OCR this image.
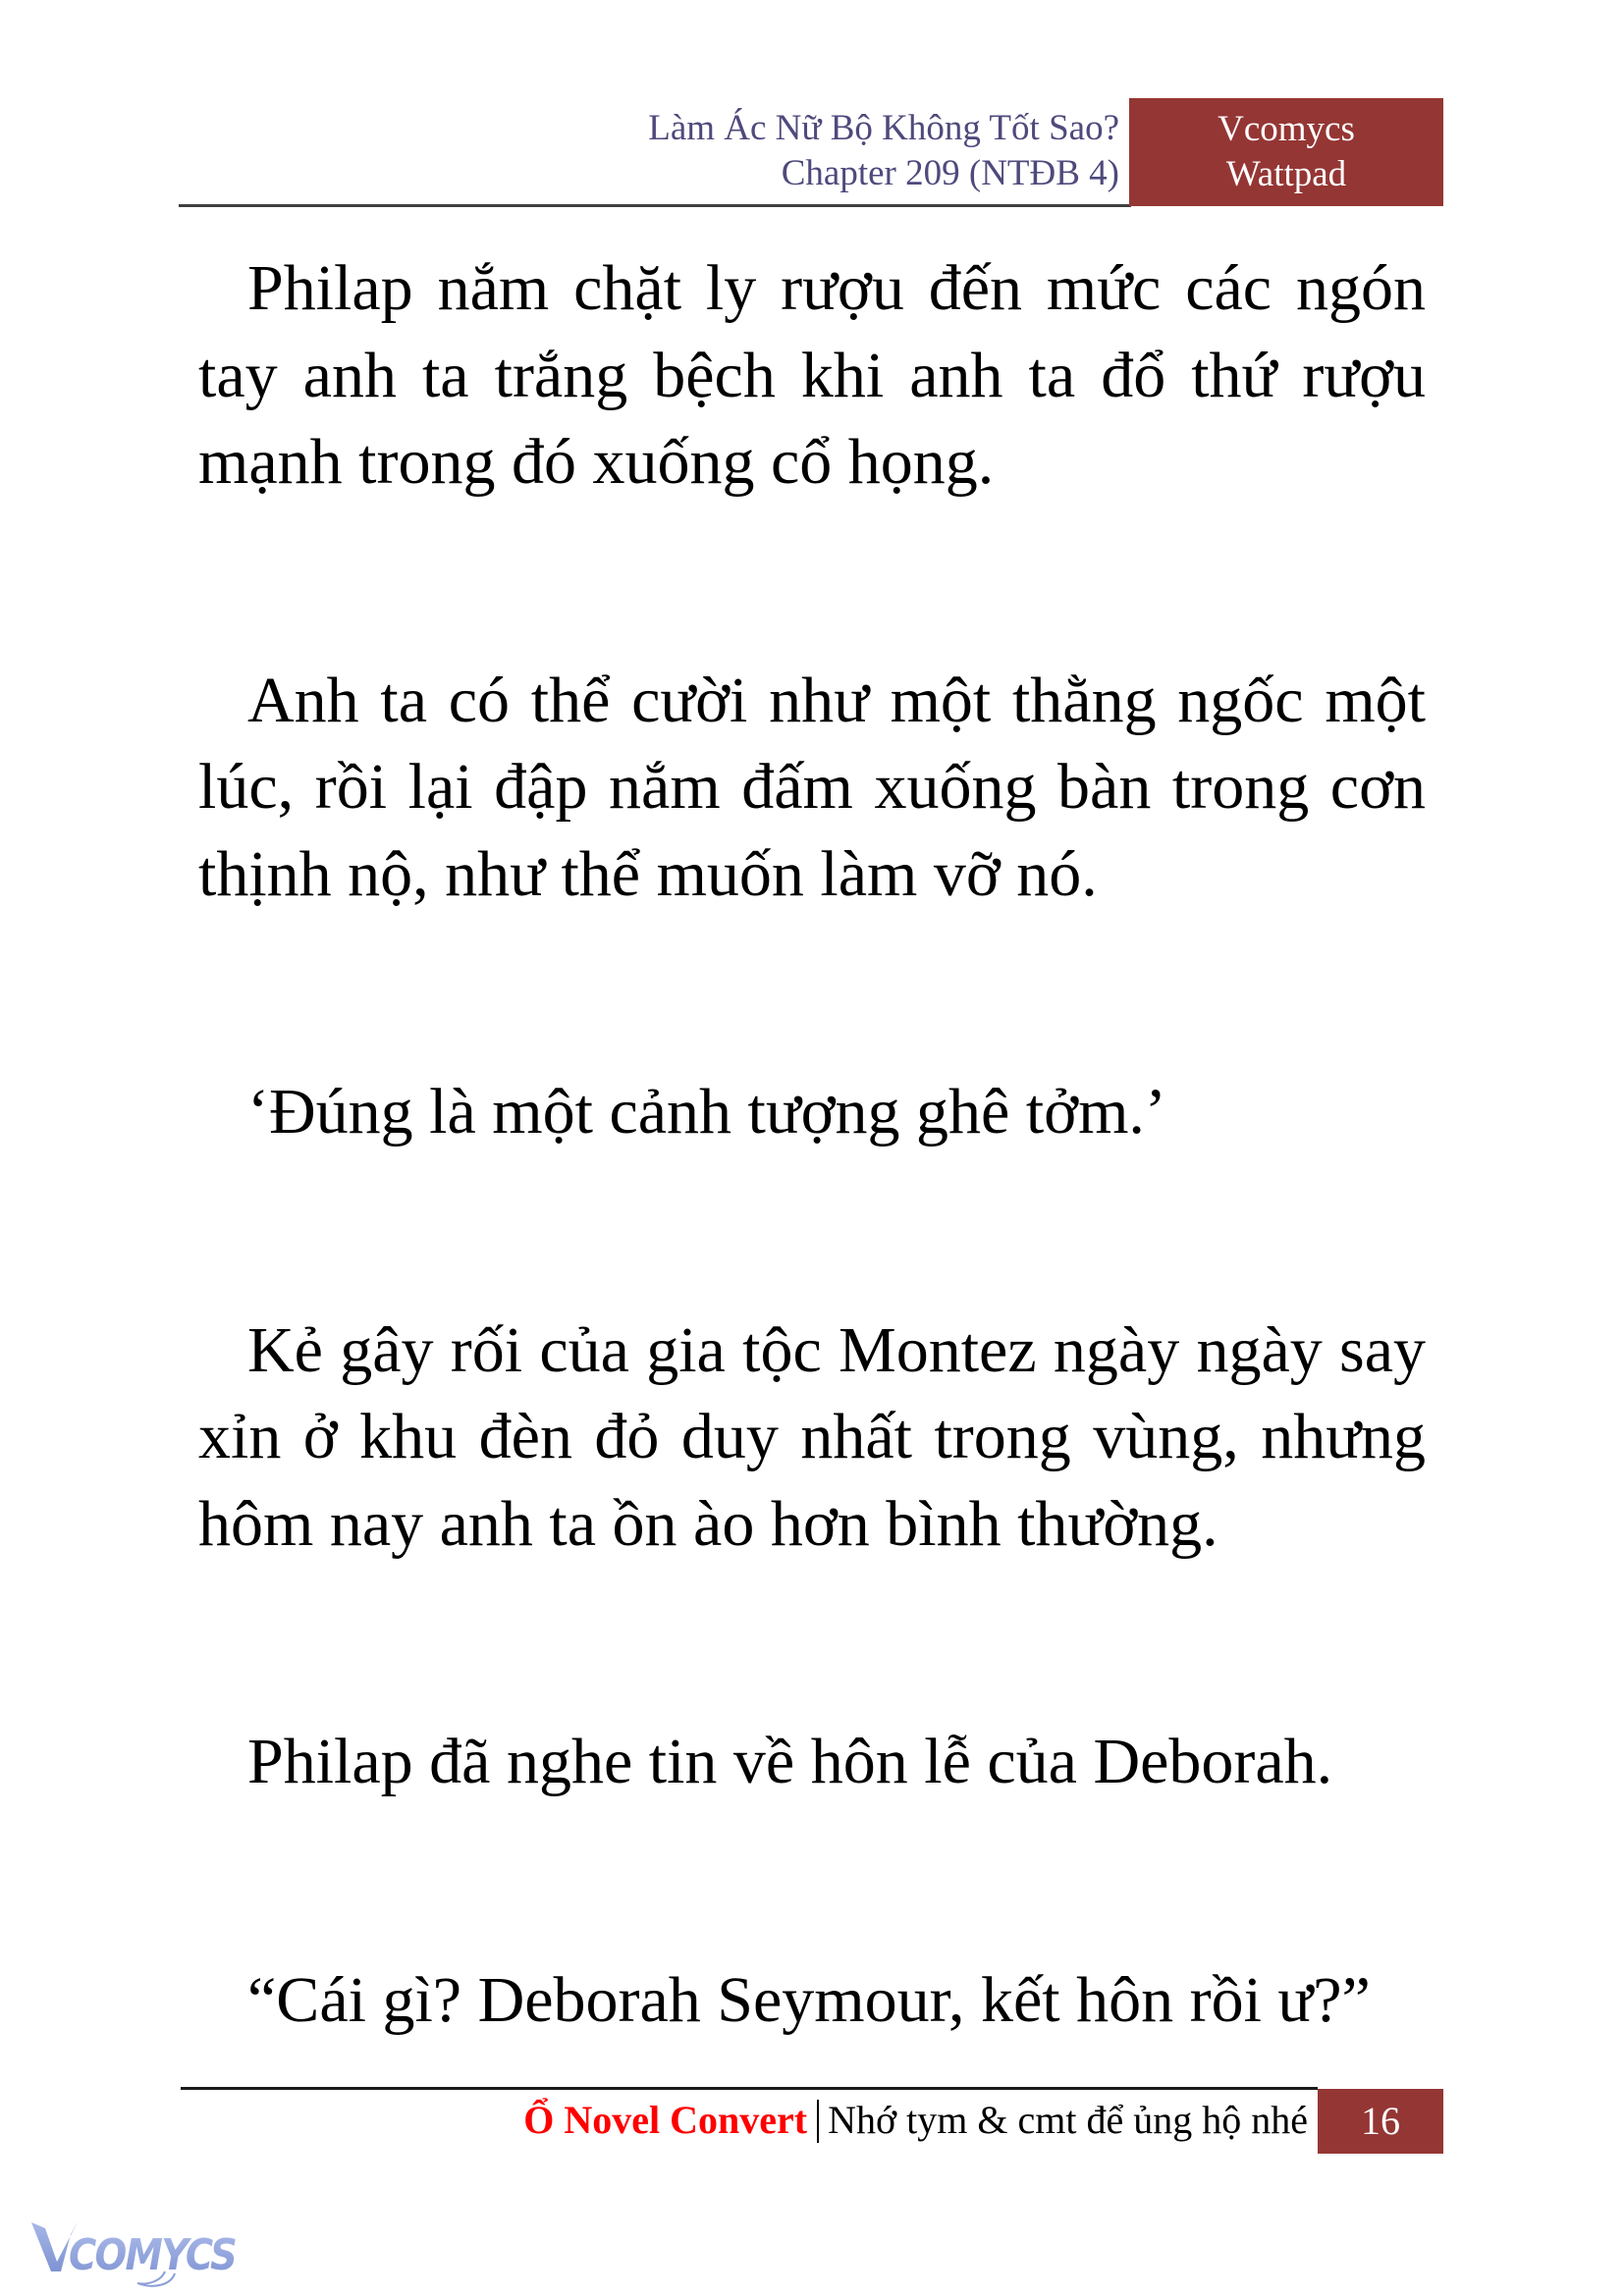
Làm Ác Nữ Bộ Không Tốt Sao?
Chapter 209 (NTĐB 4)
Vcomycs
Wattpad

Philap nắm chặt ly rượu đến mức các ngón tay anh ta trắng bệch khi anh ta đổ thứ rượu mạnh trong đó xuống cổ họng.

Anh ta có thể cười như một thằng ngốc một lúc, rồi lại đập nắm đấm xuống bàn trong cơn thịnh nộ, như thể muốn làm vỡ nó.

‘Đúng là một cảnh tượng ghê tởm.’

Kẻ gây rối của gia tộc Montez ngày ngày say xỉn ở khu đèn đỏ duy nhất trong vùng, nhưng hôm nay anh ta ồn ào hơn bình thường.

Philap đã nghe tin về hôn lễ của Deborah.

“Cái gì? Deborah Seymour, kết hôn rồi ư?”

Ổ Novel Convert Nhớ tym & cmt để ủng hộ nhé	16
COMYCS
